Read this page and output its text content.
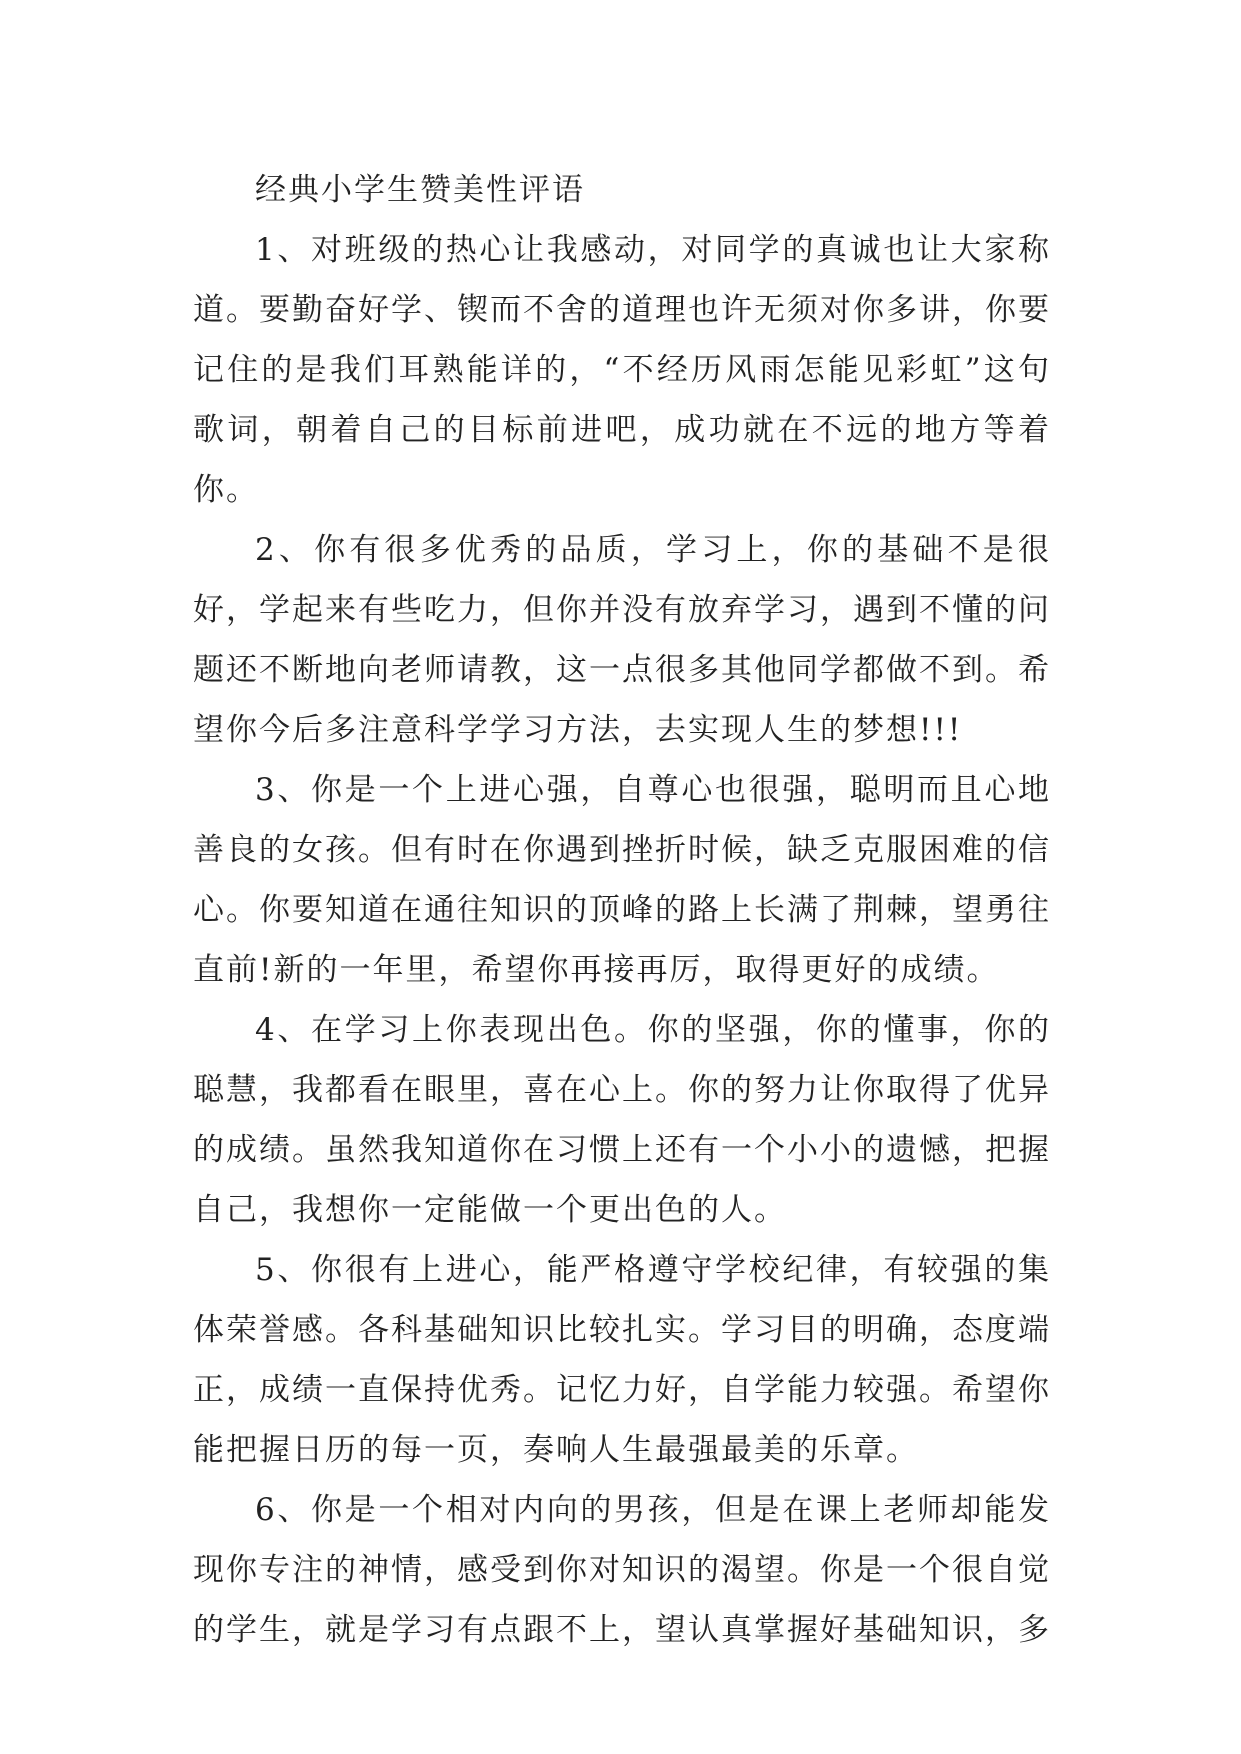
经典小学生赞美性评语

1、对班级的热心让我感动，对同学的真诚也让大家称道。要勤奋好学、锲而不舍的道理也许无须对你多讲，你要记住的是我们耳熟能详的，“不经历风雨怎能见彩虹”这句歌词，朝着自己的目标前进吧，成功就在不远的地方等着你。

2、你有很多优秀的品质，学习上，你的基础不是很好，学起来有些吃力，但你并没有放弃学习，遇到不懂的问题还不断地向老师请教，这一点很多其他同学都做不到。希望你今后多注意科学学习方法，去实现人生的梦想!!!

3、你是一个上进心强，自尊心也很强，聪明而且心地善良的女孩。但有时在你遇到挫折时候，缺乏克服困难的信心。你要知道在通往知识的顶峰的路上长满了荆棘，望勇往直前!新的一年里，希望你再接再厉，取得更好的成绩。

4、在学习上你表现出色。你的坚强，你的懂事，你的聪慧，我都看在眼里，喜在心上。你的努力让你取得了优异的成绩。虽然我知道你在习惯上还有一个小小的遗憾，把握自己，我想你一定能做一个更出色的人。

5、你很有上进心，能严格遵守学校纪律，有较强的集体荣誉感。各科基础知识比较扎实。学习目的明确，态度端正，成绩一直保持优秀。记忆力好，自学能力较强。希望你能把握日历的每一页，奏响人生最强最美的乐章。

6、你是一个相对内向的男孩，但是在课上老师却能发现你专注的神情，感受到你对知识的渴望。你是一个很自觉的学生，就是学习有点跟不上，望认真掌握好基础知识，多
